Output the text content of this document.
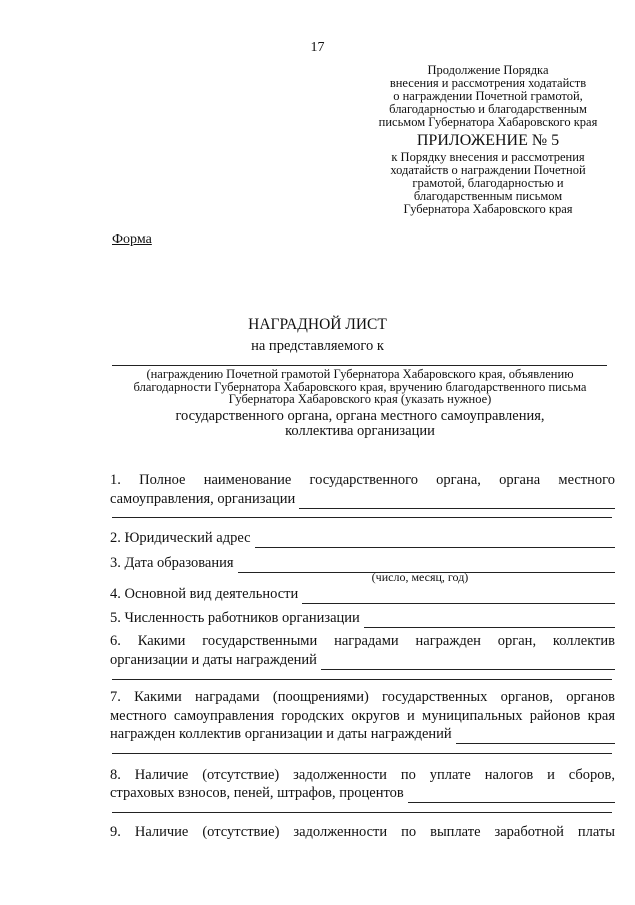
17
Продолжение Порядка
внесения и рассмотрения ходатайств
о награждении Почетной грамотой,
благодарностью и благодарственным
письмом Губернатора Хабаровского края
ПРИЛОЖЕНИЕ № 5
к Порядку внесения и рассмотрения
ходатайств о награждении Почетной
грамотой, благодарностью и
благодарственным письмом
Губернатора Хабаровского края
Форма
НАГРАДНОЙ ЛИСТ
на представляемого к
(награждению Почетной грамотой Губернатора Хабаровского края, объявлению
благодарности Губернатора Хабаровского края, вручению благодарственного письма
Губернатора Хабаровского края (указать нужное)
государственного органа, органа местного самоуправления,
коллектива организации
1. Полное наименование государственного органа, органа местного
самоуправления, организации
2. Юридический адрес
3. Дата образования
(число, месяц, год)
4. Основной вид деятельности
5. Численность работников организации
6. Какими государственными наградами награжден орган, коллектив
организации и даты награждений
7. Какими наградами (поощрениями) государственных органов, органов
местного самоуправления городских округов и муниципальных районов края
награжден коллектив организации и даты награждений
8. Наличие (отсутствие) задолженности по уплате налогов и сборов,
страховых взносов, пеней, штрафов, процентов
9. Наличие (отсутствие) задолженности по выплате заработной платы
